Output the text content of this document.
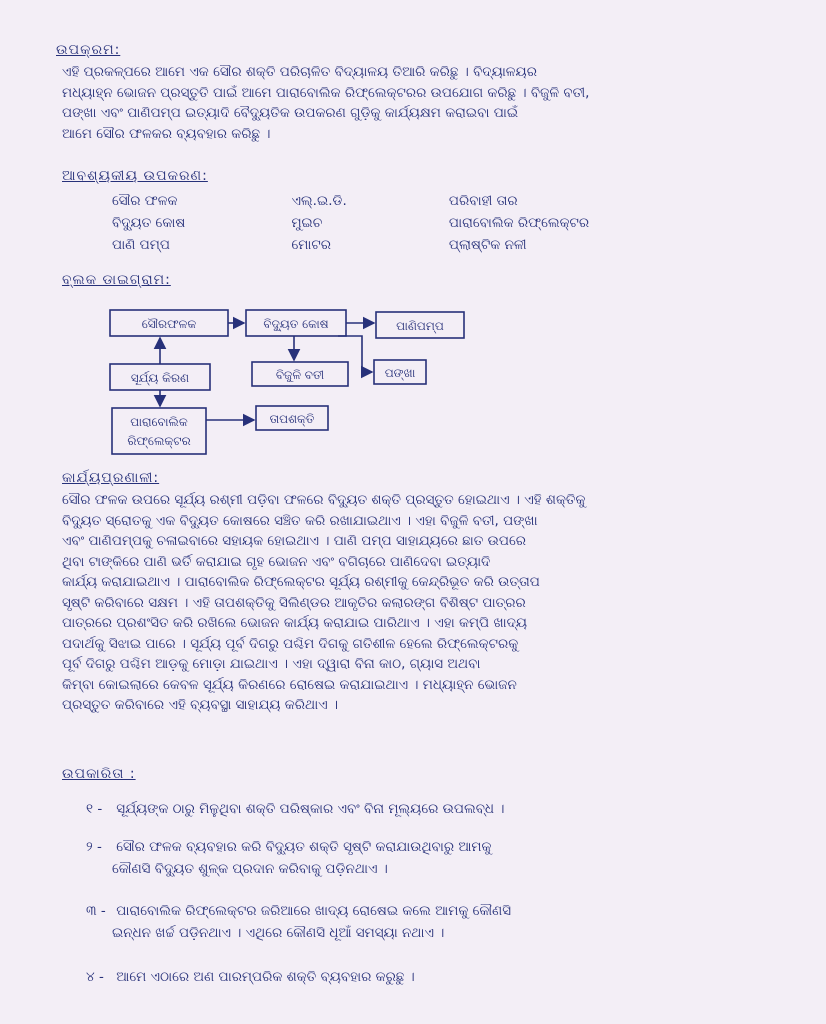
ଉପକ୍ରମ:
ଏହି ପ୍ରକଳ୍ପରେ ଆମେ ଏକ ସୌର ଶକ୍ତି ପରିଚାଳିତ ବିଦ୍ୟାଳୟ ତିଆରି କରିଛୁ । ବିଦ୍ୟାଳୟର
ମଧ୍ୟାହ୍ନ ଭୋଜନ ପ୍ରସ୍ତୁତି ପାଇଁ ଆମେ ପାରାବୋଲିକ ରିଫ୍ଲେକ୍ଟରର ଉପଯୋଗ କରିଛୁ । ବିଜୁଳି ବତୀ,
ପଙ୍ଖା ଏବଂ ପାଣିପମ୍ପ ଇତ୍ୟାଦି ବୈଦ୍ୟୁତିକ ଉପକରଣ ଗୁଡ଼ିକୁ କାର୍ଯ୍ୟକ୍ଷମ କରାଇବା ପାଇଁ
ଆମେ ସୌର ଫଳକର ବ୍ୟବହାର କରିଛୁ ।
ଆବଶ୍ୟକୀୟ ଉପକରଣ:
ସୌର ଫଳକ	ଏଲ୍.ଇ.ଡି.	ପରିବାହୀ ତାର
ବିଦ୍ୟୁତ କୋଷ	ମୁଇଚ	ପାରାବୋଲିକ ରିଫ୍ଲେକ୍ଟର
ପାଣି ପମ୍ପ	ମୋଟର	ପ୍ଲାଷ୍ଟିକ ନଳୀ
ବ୍ଲକ ଡାଇଗ୍ରାମ:
ସୌରଫଳକ	ବିଦ୍ୟୁତ କୋଷ	ପାଣିପମ୍ପ
ସୂର୍ଯ୍ୟ କିରଣ	ବିଜୁଳି ବତୀ	ପଙ୍ଖା
ପାରାବୋଲିକ
ରିଫ୍ଲେକ୍ଟର
ତାପଶକ୍ତି
କାର୍ଯ୍ୟପ୍ରଣାଳୀ:
ସୌର ଫଳକ ଉପରେ ସୂର୍ଯ୍ୟ ରଶ୍ମୀ ପଡ଼ିବା ଫଳରେ ବିଦ୍ୟୁତ ଶକ୍ତି ପ୍ରସ୍ତୁତ ହୋଇଥାଏ । ଏହି ଶକ୍ତିକୁ
ବିଦ୍ୟୁତ ସ୍ରୋତକୁ ଏକ ବିଦ୍ୟୁତ କୋଷରେ ସଞ୍ଚିତ କରି ରଖାଯାଇଥାଏ । ଏହା ବିଜୁଳି ବତୀ, ପଙ୍ଖା
ଏବଂ ପାଣିପମ୍ପକୁ ଚଳାଇବାରେ ସହାୟକ ହୋଇଥାଏ । ପାଣି ପମ୍ପ ସାହାଯ୍ୟରେ ଛାତ ଉପରେ
ଥିବା ଟାଙ୍କିରେ ପାଣି ଭର୍ତି କରାଯାଇ ଗୃହ ଭୋଜନ ଏବଂ ବଗିଚାରେ ପାଣିଦେବା ଇତ୍ୟାଦି
କାର୍ଯ୍ୟ କରାଯାଇଥାଏ । ପାରାବୋଲିକ ରିଫ୍ଲେକ୍ଟର ସୂର୍ଯ୍ୟ ରଶ୍ମୀକୁ କେନ୍ଦ୍ରିଭୂତ କରି ଉତ୍ତାପ
ସୃଷ୍ଟି କରିବାରେ ସକ୍ଷମ । ଏହି ତାପଶକ୍ତିକୁ ସିଲିଣ୍ଡର ଆକୃତିର କଲାରଙ୍ଗ ବିଶିଷ୍ଟ ପାତ୍ରର
ପାତ୍ରରେ ପ୍ରଶଂସିତ କରି ରଖିଲେ ଭୋଜନ କାର୍ଯ୍ୟ କରାଯାଇ ପାରିଥାଏ । ଏହା କମ୍ପି ଖାଦ୍ୟ
ପଦାର୍ଥକୁ ସିଝାଇ ପାରେ । ସୂର୍ଯ୍ୟ ପୂର୍ବ ଦିଗରୁ ପଶ୍ଚିମ ଦିଗକୁ ଗତିଶୀଳ ହେଲେ ରିଫ୍ଲେକ୍ଟରକୁ
ପୂର୍ବ ଦିଗରୁ ପଶ୍ଚିମ ଆଡ଼କୁ ମୋଡ଼ା ଯାଇଥାଏ । ଏହା ଦ୍ୱାରା ବିନା କାଠ, ଗ୍ୟାସ ଅଥବା
କିମ୍ବା କୋଇଲାରେ କେବଳ ସୂର୍ଯ୍ୟ କିରଣରେ ରୋଷେଇ କରାଯାଇଥାଏ । ମଧ୍ୟାହ୍ନ ଭୋଜନ
ପ୍ରସ୍ତୁତ କରିବାରେ ଏହି ବ୍ୟବସ୍ଥା ସାହାଯ୍ୟ କରିଥାଏ ।
ଉପକାରିତା :
୧ - ସୂର୍ଯ୍ୟଙ୍କ ଠାରୁ ମିଳୁଥିବା ଶକ୍ତି ପରିଷ୍କାର ଏବଂ ବିନା ମୂଲ୍ୟରେ ଉପଲବ୍ଧ ।
୨ - ସୌର ଫଳକ ବ୍ୟବହାର କରି ବିଦ୍ୟୁତ ଶକ୍ତି ସୃଷ୍ଟି କରାଯାଉଥିବାରୁ ଆମକୁ
କୌଣସି ବିଦ୍ୟୁତ ଶୁଳ୍କ ପ୍ରଦାନ କରିବାକୁ ପଡ଼ିନଥାଏ ।
୩ - ପାରାବୋଲିକ ରିଫ୍ଲେକ୍ଟର ଜରିଆରେ ଖାଦ୍ୟ ରୋଷେଇ କଲେ ଆମକୁ କୌଣସି
ଇନ୍ଧନ ଖର୍ଚ୍ଚ ପଡ଼ିନଥାଏ । ଏଥିରେ କୌଣସି ଧୂଆଁ ସମସ୍ୟା ନଥାଏ ।
୪ - ଆମେ ଏଠାରେ ଅଣ ପାରମ୍ପରିକ ଶକ୍ତି ବ୍ୟବହାର କରୁଛୁ ।
